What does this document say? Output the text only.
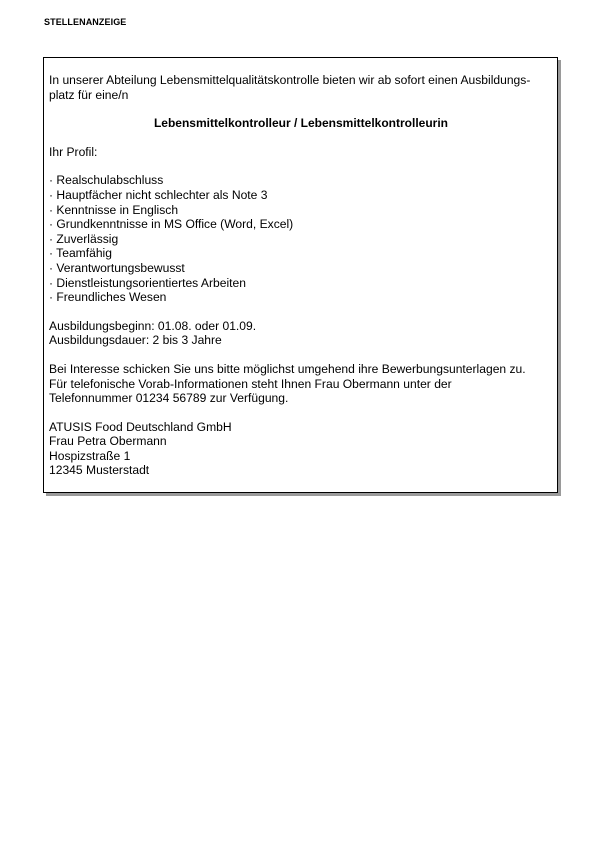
STELLENANZEIGE

In unserer Abteilung Lebensmittelqualitätskontrolle bieten wir ab sofort einen Ausbildungs-
platz für eine/n

Lebensmittelkontrolleur / Lebensmittelkontrolleurin

Ihr Profil:

· Realschulabschluss
· Hauptfächer nicht schlechter als Note 3
· Kenntnisse in Englisch
· Grundkenntnisse in MS Office (Word, Excel)
· Zuverlässig
· Teamfähig
· Verantwortungsbewusst
· Dienstleistungsorientiertes Arbeiten
· Freundliches Wesen
Ausbildungsbeginn: 01.08. oder 01.09.
Ausbildungsdauer: 2 bis 3 Jahre
Bei Interesse schicken Sie uns bitte möglichst umgehend ihre Bewerbungsunterlagen zu.
Für telefonische Vorab-Informationen steht Ihnen Frau Obermann unter der
Telefonnummer 01234 56789 zur Verfügung.
ATUSIS Food Deutschland GmbH
Frau Petra Obermann
Hospizstraße 1
12345 Musterstadt
